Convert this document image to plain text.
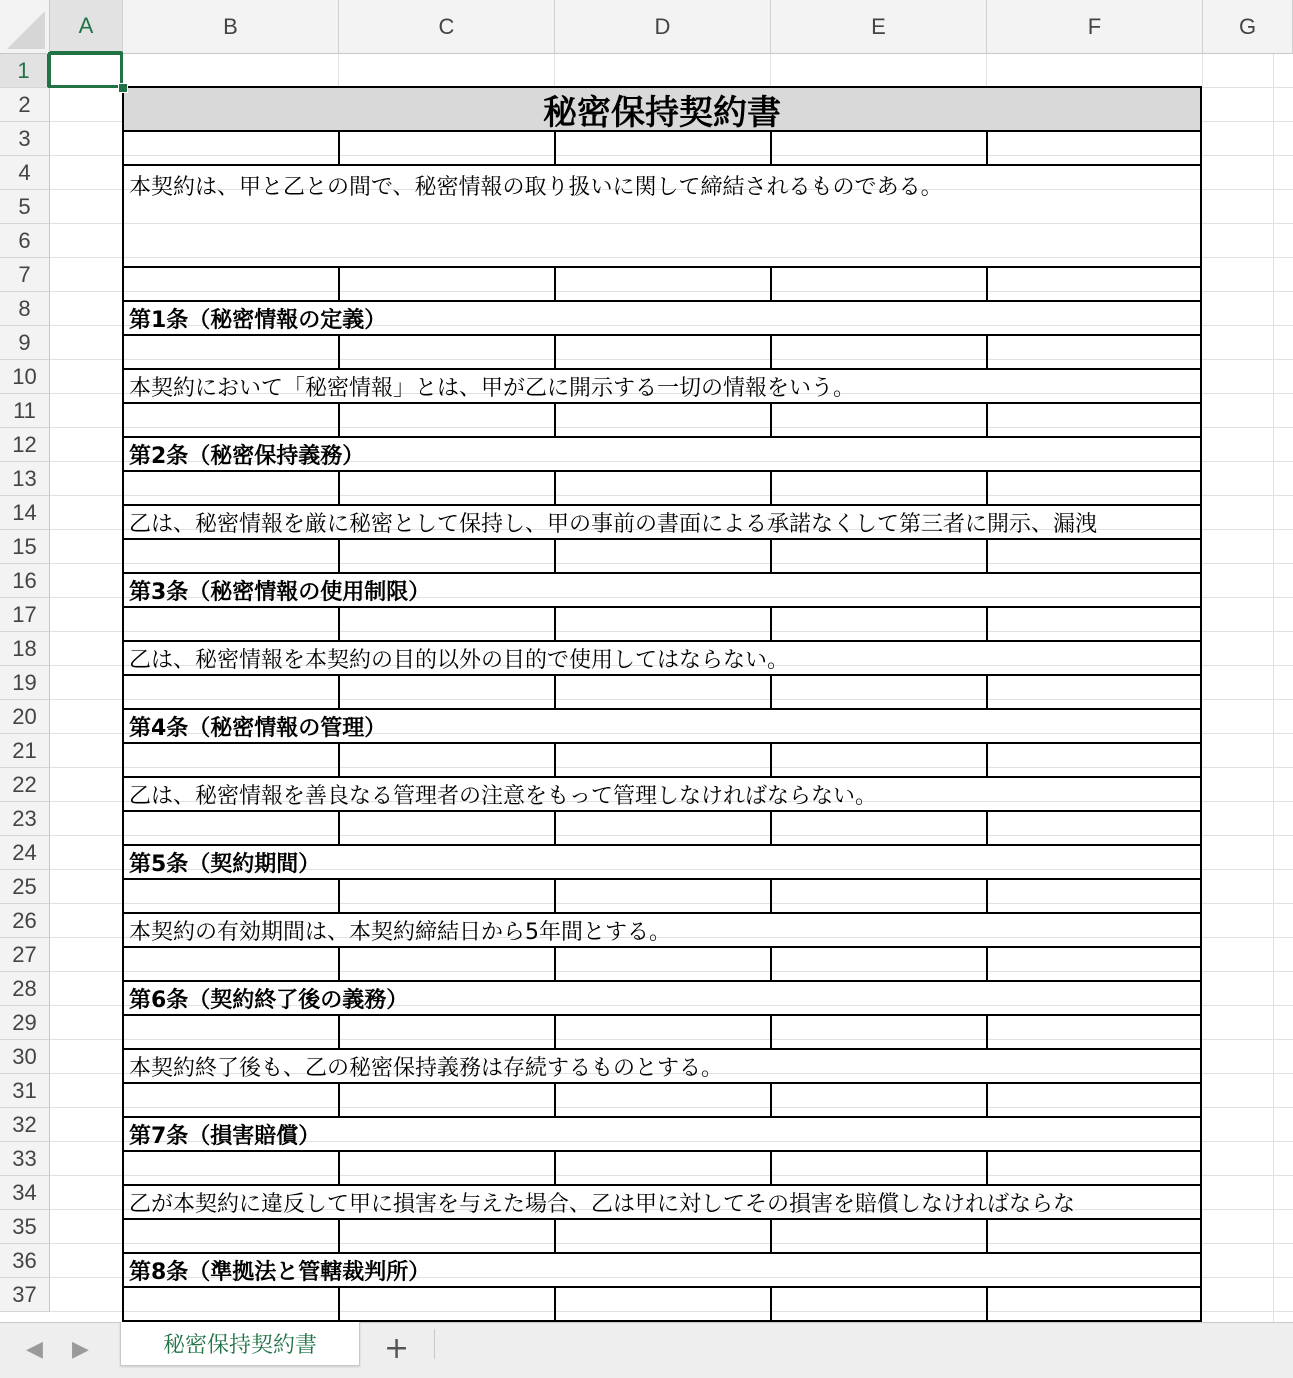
A	B	C	D	E	F	G
1
2
3
4
5
6
7
8
9
10
11
12
13
14
15
16
17
18
19
20
21
22
23
24
25
26
27
28
29
30
31
32
33
34
35
36
37
秘密保持契約書
本契約は、甲と乙との間で、秘密情報の取り扱いに関して締結されるものである。
第1条（秘密情報の定義）
本契約において「秘密情報」とは、甲が乙に開示する一切の情報をいう。
第2条（秘密保持義務）
乙は、秘密情報を厳に秘密として保持し、甲の事前の書面による承諾なくして第三者に開示、漏洩
第3条（秘密情報の使用制限）
乙は、秘密情報を本契約の目的以外の目的で使用してはならない。
第4条（秘密情報の管理）
乙は、秘密情報を善良なる管理者の注意をもって管理しなければならない。
第5条（契約期間）
本契約の有効期間は、本契約締結日から5年間とする。
第6条（契約終了後の義務）
本契約終了後も、乙の秘密保持義務は存続するものとする。
第7条（損害賠償）
乙が本契約に違反して甲に損害を与えた場合、乙は甲に対してその損害を賠償しなければならな
第8条（準拠法と管轄裁判所）
◀ ▶	秘密保持契約書	+
